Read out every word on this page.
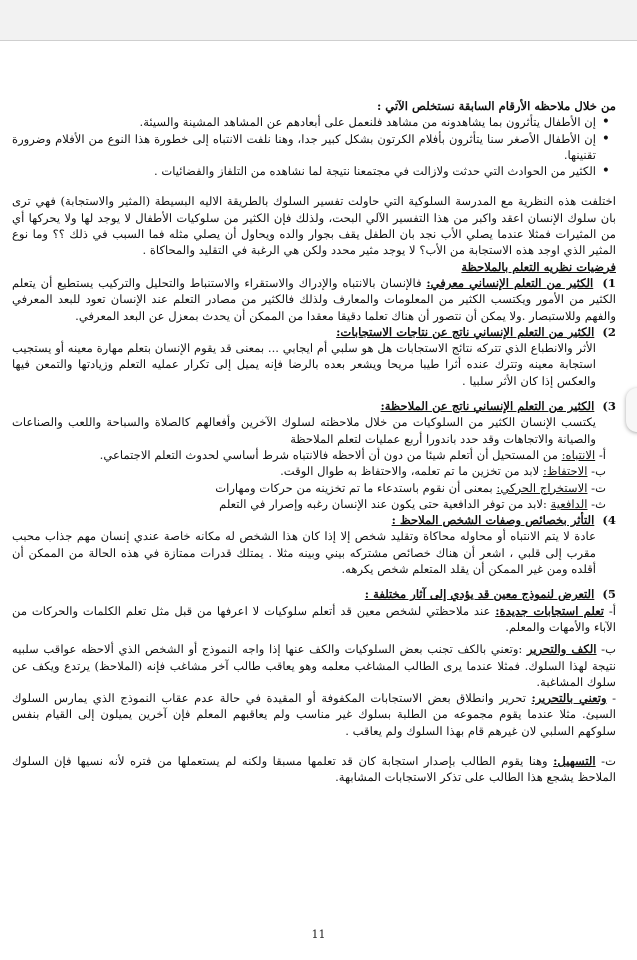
من خلال ملاحظه الأرقام السابقة نستخلص الآتي :

• إن الأطفال يتأثرون بما يشاهدونه من مشاهد فلنعمل على أبعادهم عن المشاهد المشينة والسيئة.
• إن الأطفال الأصغر سنا يتأثرون بأفلام الكرتون بشكل كبير جدا، وهنا نلفت الانتباه إلى خطورة هذا النوع من الأفلام وضرورة تقنينها.
• الكثير من الحوادث التي حدثت ولازالت في مجتمعنا نتيجة لما نشاهده من التلفاز والفضائيات .

اختلفت هذه النظرية مع المدرسة السلوكية التي حاولت تفسير السلوك بالطريقة الاليه البسيطة (المثير والاستجابة) فهي ترى بان سلوك الإنسان اعقد واكبر من هذا التفسير الآلي البحت، ولذلك فإن الكثير من سلوكيات الأطفال لا يوجد لها ولا يحركها أي من المثيرات فمثلا عندما يصلي الأب نجد بان الطفل يقف بجوار والده ويحاول أن يصلي مثله فما السبب في ذلك ؟؟ وما نوع المثير الذي اوجد هذه الاستجابة من الأب؟ لا يوجد مثير محدد ولكن هي الرغبة في التقليد والمحاكاة .

فرضيات نظريه التعلم بالملاحظة

1) الكثير من التعلم الإنساني معرفي: فالإنسان بالانتباه والإدراك والاستقراء والاستنباط والتحليل والتركيب يستطيع أن يتعلم الكثير من الأمور ويكتسب الكثير من المعلومات والمعارف ولذلك فالكثير من مصادر التعلم عند الإنسان تعود للبعد المعرفي والفهم وللاستبصار .ولا يمكن أن نتصور أن هناك تعلما دقيقا معقدا من الممكن أن يحدث بمعزل عن البعد المعرفي.

2) الكثير من التعلم الإنساني ناتج عن نتاجات الاستجابات:

الأثر والانطباع الذي تتركه نتائج الاستجابات هل هو سلبي أم ايجابي ... بمعنى قد يقوم الإنسان بتعلم مهارة معينه أو يستجيب استجابة معينه وتترك عنده أثرا طيبا مريحا ويشعر بعده بالرضا فإنه يميل إلى تكرار عمليه التعلم وزيادتها والتمعن فيها والعكس إذا كان الأثر سلبيا .

3) الكثير من التعلم الإنساني ناتج عن الملاحظة:

يكتسب الإنسان الكثير من السلوكيات من خلال ملاحظته لسلوك الآخرين وأفعالهم كالصلاة والسباحة واللعب والصناعات والصيانة والاتجاهات وقد حدد باندورا أربع عمليات لتعلم الملاحظة

أ- الانتباه: من المستحيل أن أتعلم شيئا من دون أن ألاحظه فالانتباه شرط أساسي لحدوث التعلم الاجتماعي.

ب- الاحتفاظ: لابد من تخزين ما تم تعلمه، والاحتفاظ به طوال الوقت.

ت- الاستخراج الحركي: بمعنى أن نقوم باستدعاء ما تم تخزينه من حركات ومهارات

ث- الدافعية :لابد من توفر الدافعية حتى يكون عند الإنسان رغبه وإصرار في التعلم

4) التأثر بخصائص وصفات الشخص الملاحظ :

عادة لا يتم الانتباه أو محاوله محاكاة وتقليد شخص إلا إذا كان هذا الشخص له مكانه خاصة عندي إنسان مهم جذاب محبب مقرب إلى قلبي ، اشعر أن هناك خصائص مشتركه بيني وبينه مثلا . يمتلك قدرات ممتازة في هذه الحالة من الممكن أن أقلده ومن غير الممكن أن يقلد المتعلم شخص يكرهه.

5) التعرض لنموذج معين قد يؤدي إلى آثار مختلفة :

أ- تعلم استجابات جديدة: عند ملاحظتي لشخص معين قد أتعلم سلوكيات لا اعرفها من قبل مثل تعلم الكلمات والحركات من الآباء والأمهات والمعلم.

ب- الكف والتحرير :وتعني بالكف تجنب بعض السلوكيات والكف عنها إذا واجه النموذج أو الشخص الذي ألاحظه عواقب سلبيه نتيجة لهذا السلوك. فمثلا عندما يرى الطالب المشاغب معلمه وهو يعاقب طالب آخر مشاغب فإنه (الملاحظ) يرتدع ويكف عن سلوك المشاغبة.

- وتعني بالتحرير: تحرير وانطلاق بعض الاستجابات المكفوفة أو المقيدة في حالة عدم عقاب النموذج الذي يمارس السلوك السيئ. مثلا عندما يقوم مجموعه من الطلبة بسلوك غير مناسب ولم يعاقبهم المعلم فإن آخرين يميلون إلى القيام بنفس سلوكهم السلبي لان غيرهم قام بهذا السلوك ولم يعاقب .

ت- التسهيل: وهنا يقوم الطالب بإصدار استجابة كان قد تعلمها مسبقا ولكنه لم يستعملها من فتره لأنه نسيها فإن السلوك الملاحظ يشجع هذا الطالب على تذكر الاستجابات المشابهة.

11
